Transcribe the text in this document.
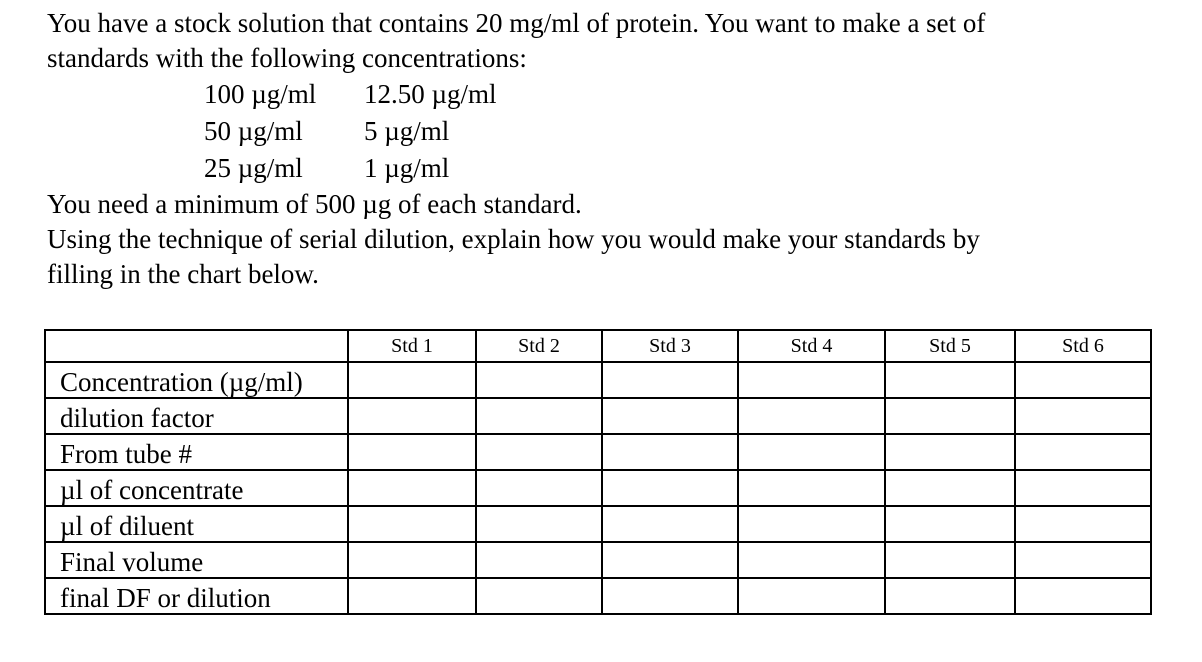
You have a stock solution that contains 20 mg/ml of protein. You want to make a set of

standards with the following concentrations:

100 µg/ml	12.50 µg/ml
50 µg/ml	5 µg/ml
25 µg/ml	1 µg/ml

You need a minimum of 500 µg of each standard.

Using the technique of serial dilution, explain how you would make your standards by

filling in the chart below.

	Std 1	Std 2	Std 3	Std 4	Std 5	Std 6
Concentration (µg/ml)						
dilution factor						
From tube #						
µl of concentrate						
µl of diluent						
Final volume						
final DF or dilution						
